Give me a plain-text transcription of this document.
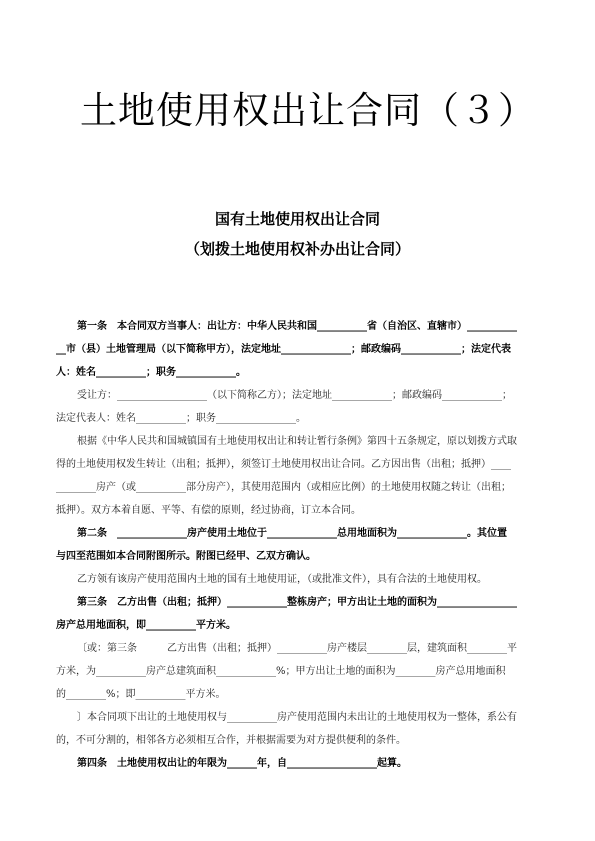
土地使用权出让合同（３）
国有土地使用权出让合同
（划拨土地使用权补办出让合同）
第一条　本合同双方当事人：出让方：中华人民共和国__________省（自治区、直辖市）__________
__市（县）土地管理局（以下简称甲方），法定地址______________；邮政编码____________；法定代表
人：姓名__________；职务____________。
受让方：__________________（以下简称乙方）；法定地址____________；邮政编码____________；
法定代表人：姓名__________；职务________________。
根据《中华人民共和国城镇国有土地使用权出让和转让暂行条例》第四十五条规定，原以划拨方式取
得的土地使用权发生转让（出租；抵押），须签订土地使用权出让合同。乙方因出售（出租；抵押）____
________房产（或__________部分房产），其使用范围内（或相应比例）的土地使用权随之转让（出租；
抵押）。双方本着自愿、平等、有偿的原则，经过协商，订立本合同。
第二条　______________房产使用土地位于______________总用地面积为______________。其位置
与四至范围如本合同附图所示。附图已经甲、乙双方确认。
乙方领有该房产使用范围内土地的国有土地使用证，（或批准文件），具有合法的土地使用权。
第三条　乙方出售（出租；抵押）____________整栋房产；甲方出让土地的面积为________________
房产总用地面积，即__________平方米。
〔或：第三条　　　乙方出售（出租；抵押）__________房产楼层________层，建筑面积________平
方米，为__________房产总建筑面积____________%；甲方出让土地的面积为________房产总用地面积
的________%；即__________平方米。
〕本合同项下出让的土地使用权与__________房产使用范围内未出让的土地使用权为一整体，系公有
的，不可分割的，相邻各方必须相互合作，并根据需要为对方提供便利的条件。
第四条　土地使用权出让的年限为______年，自__________________起算。
